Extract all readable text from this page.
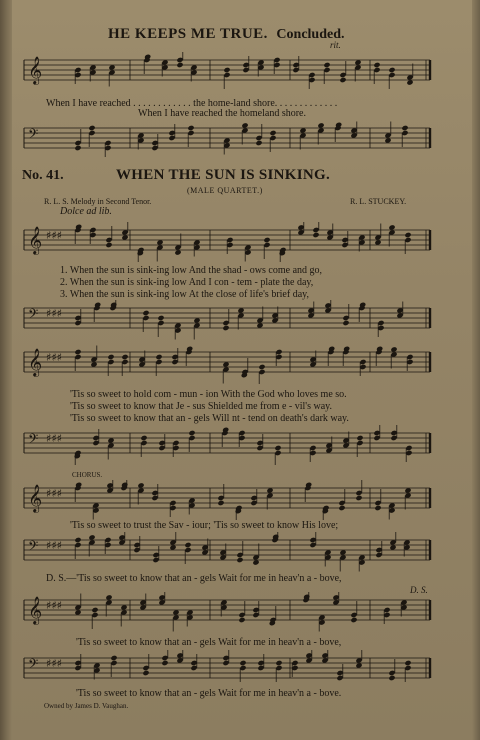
HE KEEPS ME TRUE. Concluded.
rit.
𝄞
When I have reached . . . . . . . . . . . . the home-land shore. . . . . . . . . . . . .
When I have reached the homeland shore.
𝄢
No. 41.	WHEN THE SUN IS SINKING.
(MALE QUARTET.)
R. L. S. Melody in Second Tenor.	R. L. STUCKEY.
Dolce ad lib.
𝄞 ♯♯♯
1. When the sun is sink-ing low And the shad - ows come and go,
2. When the sun is sink-ing low And I con - tem - plate the day,
3. When the sun is sink-ing low At the close of life's brief day,
𝄢 ♯♯♯
𝄞 ♯♯♯
'Tis so sweet to hold com - mun - ion With the God who loves me so.
'Tis so sweet to know that Je - sus Shielded me from e - vil's way.
'Tis so sweet to know that an - gels Will nt - tend on death's dark way.
𝄢 ♯♯♯
CHORUS.
𝄞 ♯♯♯
'Tis so sweet to trust the Sav - iour; 'Tis so sweet to know His love;
𝄢 ♯♯♯
D. S.—'Tis so sweet to know that an - gels Wait for me in heav'n a - bove,
D. S.
𝄞 ♯♯♯
'Tis so sweet to know that an - gels Wait for me in heav'n a - bove,
𝄢 ♯♯♯
'Tis so sweet to know that an - gels Wait for me in heav'n a - bove.
Owned by James D. Vaughan.
